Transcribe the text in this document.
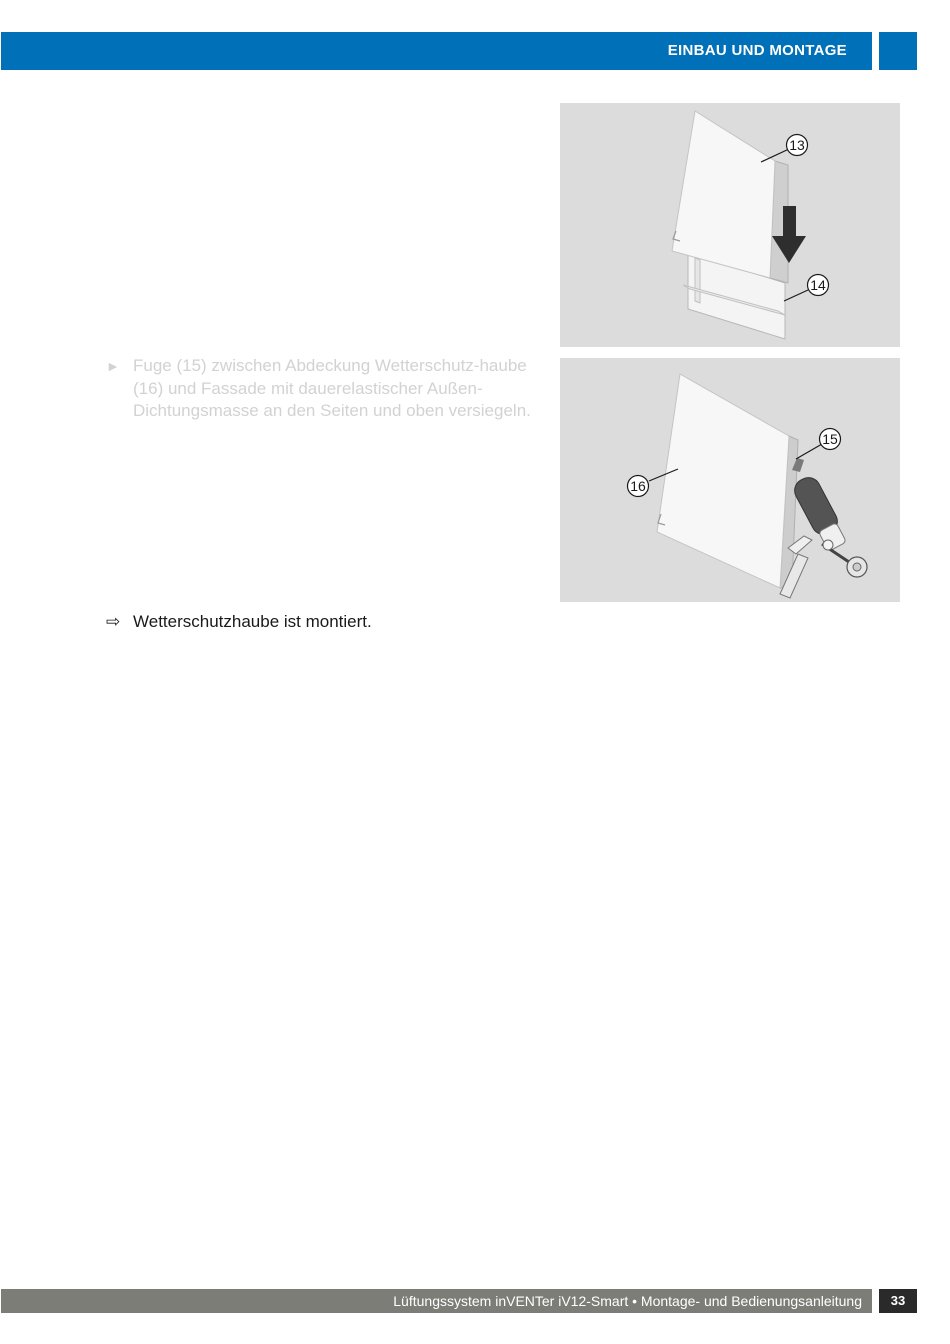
EINBAU UND MONTAGE
13
14
15
16
► Fuge (15) zwischen Abdeckung Wetterschutz-haube (16) und Fassade mit dauerelastischer Außen-Dichtungsmasse an den Seiten und oben versiegeln.
⇨ Wetterschutzhaube ist montiert.
Lüftungssystem inVENTer iV12-Smart • Montage- und Bedienungsanleitung	33
